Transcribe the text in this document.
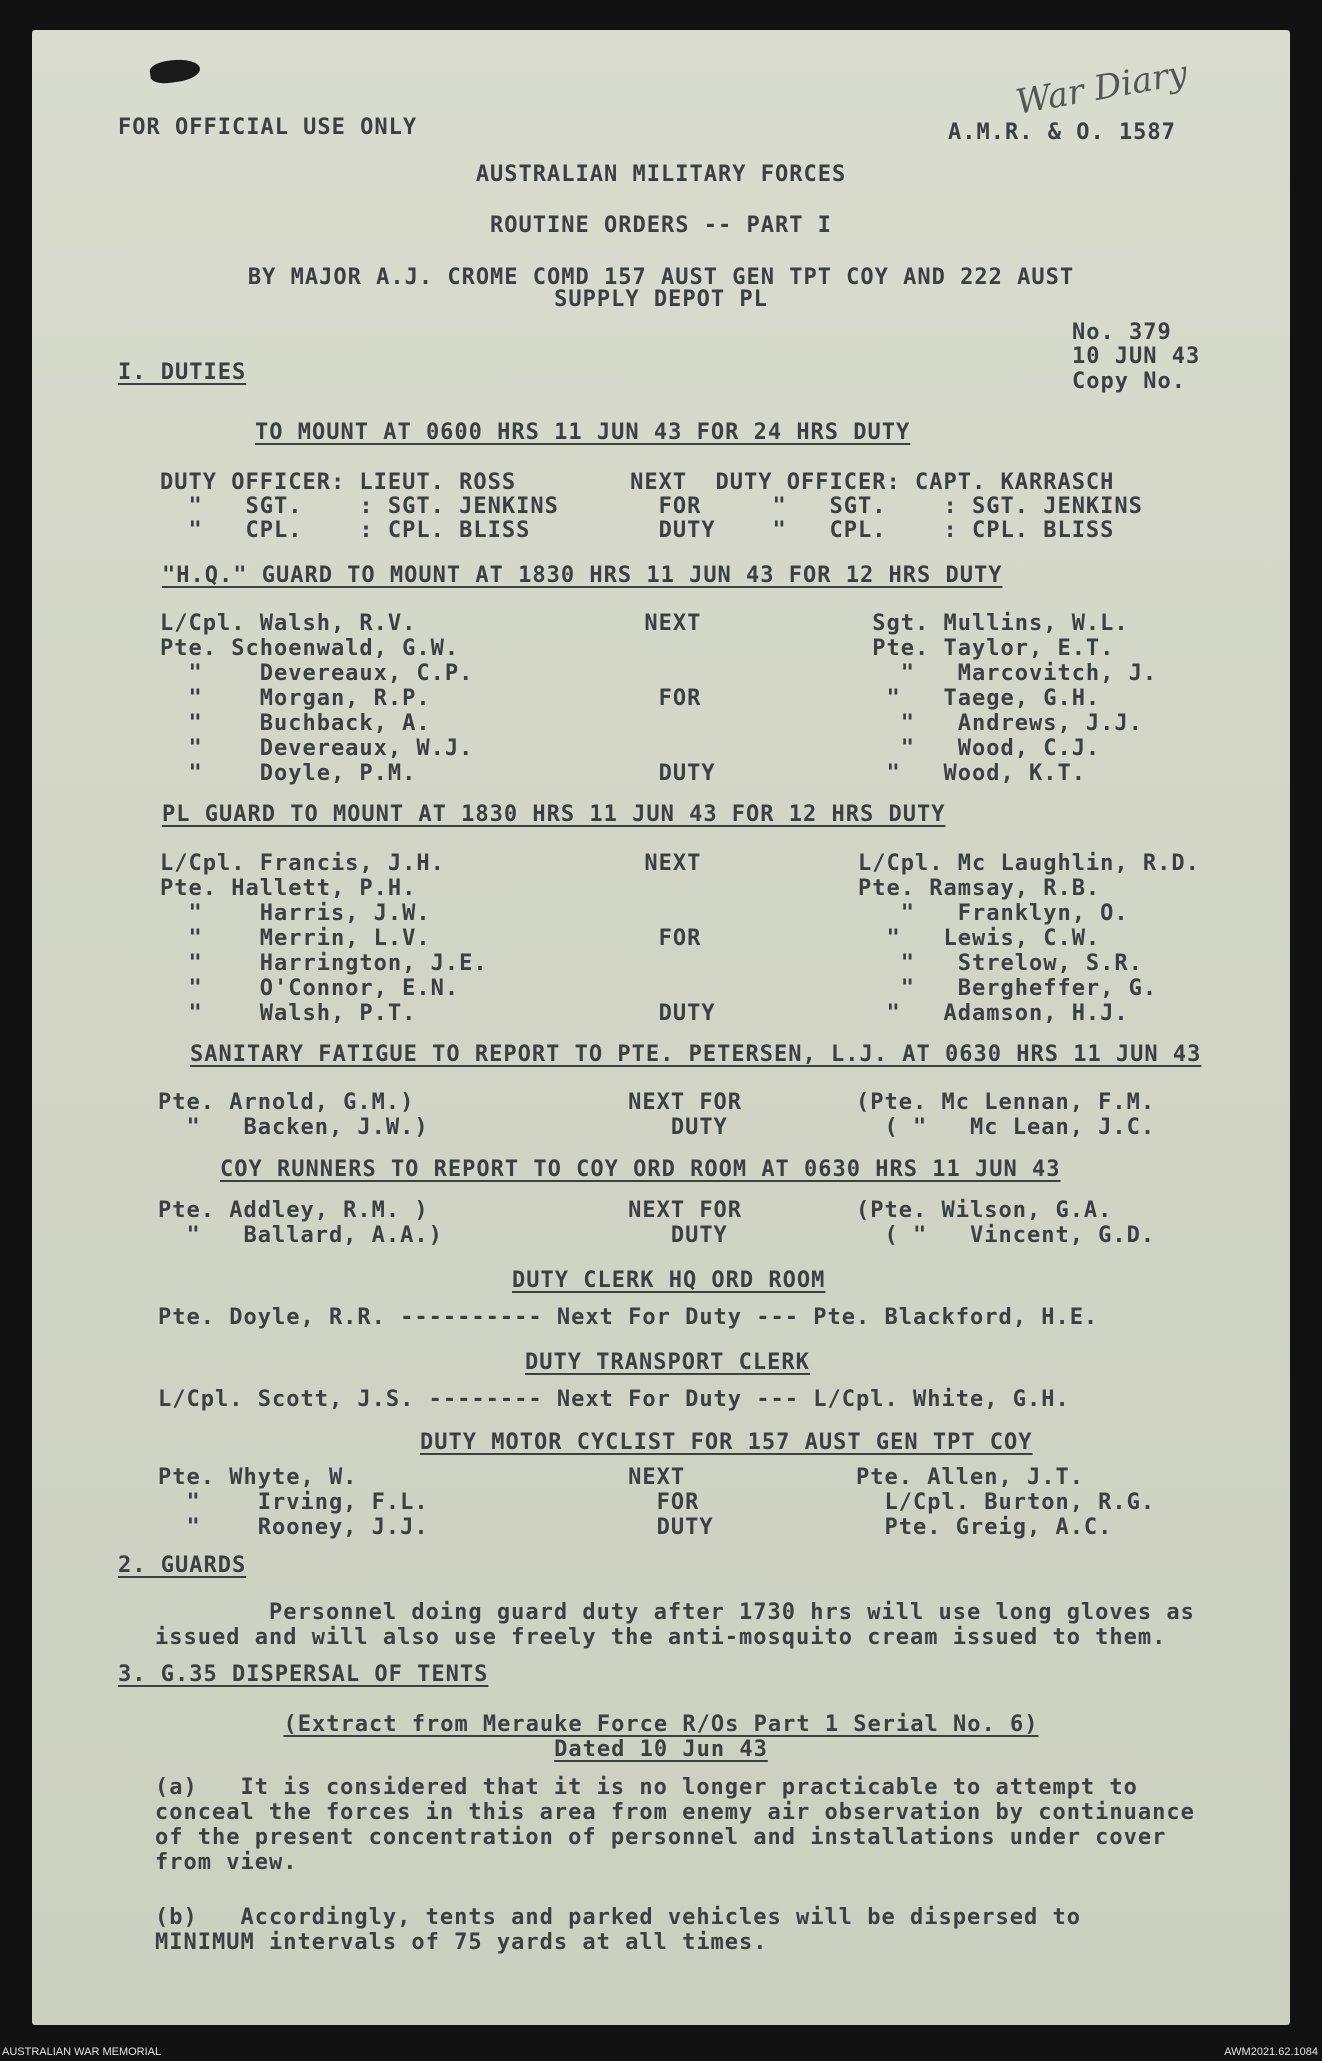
FOR OFFICIAL USE ONLY	A.M.R. & O. 1587
War Diary
AUSTRALIAN MILITARY FORCES
ROUTINE ORDERS -- PART I
BY MAJOR A.J. CROME COMD 157 AUST GEN TPT COY AND 222 AUST
SUPPLY DEPOT PL
No. 379
10 JUN 43
Copy No.
I. DUTIES
TO MOUNT AT 0600 HRS 11 JUN 43 FOR 24 HRS DUTY
DUTY OFFICER: LIEUT. ROSS        NEXT  DUTY OFFICER: CAPT. KARRASCH
"   SGT.    : SGT. JENKINS       FOR     "   SGT.    : SGT. JENKINS
"   CPL.    : CPL. BLISS         DUTY    "   CPL.    : CPL. BLISS
"H.Q." GUARD TO MOUNT AT 1830 HRS 11 JUN 43 FOR 12 HRS DUTY
L/Cpl. Walsh, R.V.                NEXT            Sgt. Mullins, W.L.
Pte. Schoenwald, G.W.                             Pte. Taylor, E.T.
"    Devereaux, C.P.                              "   Marcovitch, J.
"    Morgan, R.P.                FOR             "   Taege, G.H.
"    Buchback, A.                                 "   Andrews, J.J.
"    Devereaux, W.J.                              "   Wood, C.J.
"    Doyle, P.M.                 DUTY            "   Wood, K.T.
PL GUARD TO MOUNT AT 1830 HRS 11 JUN 43 FOR 12 HRS DUTY
L/Cpl. Francis, J.H.              NEXT           L/Cpl. Mc Laughlin, R.D.
Pte. Hallett, P.H.                               Pte. Ramsay, R.B.
"    Harris, J.W.                                 "   Franklyn, O.
"    Merrin, L.V.                FOR             "   Lewis, C.W.
"    Harrington, J.E.                             "   Strelow, S.R.
"    O'Connor, E.N.                               "   Bergheffer, G.
"    Walsh, P.T.                 DUTY            "   Adamson, H.J.
SANITARY FATIGUE TO REPORT TO PTE. PETERSEN, L.J. AT 0630 HRS 11 JUN 43
Pte. Arnold, G.M.)               NEXT FOR        (Pte. Mc Lennan, F.M.
"   Backen, J.W.)                 DUTY           ( "   Mc Lean, J.C.
COY RUNNERS TO REPORT TO COY ORD ROOM AT 0630 HRS 11 JUN 43
Pte. Addley, R.M. )              NEXT FOR        (Pte. Wilson, G.A.
"   Ballard, A.A.)                DUTY           ( "   Vincent, G.D.
DUTY CLERK HQ ORD ROOM
Pte. Doyle, R.R. ---------- Next For Duty --- Pte. Blackford, H.E.
DUTY TRANSPORT CLERK
L/Cpl. Scott, J.S. -------- Next For Duty --- L/Cpl. White, G.H.
DUTY MOTOR CYCLIST FOR 157 AUST GEN TPT COY
Pte. Whyte, W.                   NEXT            Pte. Allen, J.T.
"    Irving, F.L.                FOR             L/Cpl. Burton, R.G.
"    Rooney, J.J.                DUTY            Pte. Greig, A.C.
2. GUARDS
Personnel doing guard duty after 1730 hrs will use long gloves as
issued and will also use freely the anti-mosquito cream issued to them.
3. G.35 DISPERSAL OF TENTS
(Extract from Merauke Force R/Os Part 1 Serial No. 6)
Dated 10 Jun 43
(a)   It is considered that it is no longer practicable to attempt to
conceal the forces in this area from enemy air observation by continuance
of the present concentration of personnel and installations under cover
from view.
(b)   Accordingly, tents and parked vehicles will be dispersed to
MINIMUM intervals of 75 yards at all times.
AUSTRALIAN WAR MEMORIAL	AWM2021.62.1084
